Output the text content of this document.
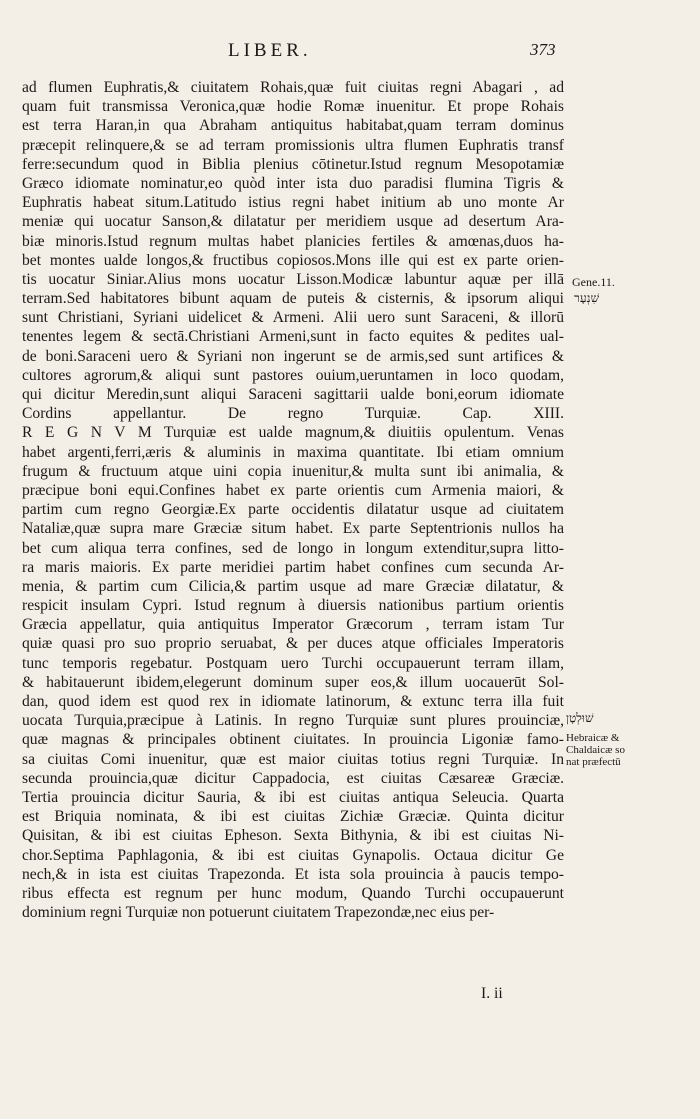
LIBER.	373
ad flumen Euphratis,& ciuitatem Rohais,quæ fuit ciuitas regni Abagari , ad
quam fuit transmissa Veronica,quæ hodie Romæ inuenitur. Et prope Rohais
est terra Haran,in qua Abraham antiquitus habitabat,quam terram dominus
præcepit relinquere,& se ad terram promissionis ultra flumen Euphratis transf
ferre:secundum quod in Biblia plenius cōtinetur.Istud regnum Mesopotamiæ
Græco idiomate nominatur,eo quòd inter ista duo paradisi flumina Tigris &
Euphratis habeat situm.Latitudo istius regni habet initium ab uno monte Ar
meniæ qui uocatur Sanson,& dilatatur per meridiem usque ad desertum Ara-
biæ minoris.Istud regnum multas habet planicies fertiles & amœnas,duos ha-
bet montes ualde longos,& fructibus copiosos.Mons ille qui est ex parte orien-
tis uocatur Siniar.Alius mons uocatur Lisson.Modicæ labuntur aquæ per illā
terram.Sed habitatores bibunt aquam de puteis & cisternis, & ipsorum aliqui
sunt Christiani, Syriani uidelicet & Armeni. Alii uero sunt Saraceni, & illorū
tenentes legem & sectā.Christiani Armeni,sunt in facto equites & pedites ual-
de boni.Saraceni uero & Syriani non ingerunt se de armis,sed sunt artifices &
cultores agrorum,& aliqui sunt pastores ouium,ueruntamen in loco quodam,
qui dicitur Meredin,sunt aliqui Saraceni sagittarii ualde boni,eorum idiomate
Cordins appellantur. De regno Turquiæ. Cap. XIII.
R E G N V M Turquiæ est ualde magnum,& diuitiis opulentum. Venas
habet argenti,ferri,æris & aluminis in maxima quantitate. Ibi etiam omnium
frugum & fructuum atque uini copia inuenitur,& multa sunt ibi animalia, &
præcipue boni equi.Confines habet ex parte orientis cum Armenia maiori, &
partim cum regno Georgiæ.Ex parte occidentis dilatatur usque ad ciuitatem
Nataliæ,quæ supra mare Græciæ situm habet. Ex parte Septentrionis nullos ha
bet cum aliqua terra confines, sed de longo in longum extenditur,supra litto-
ra maris maioris. Ex parte meridiei partim habet confines cum secunda Ar-
menia, & partim cum Cilicia,& partim usque ad mare Græciæ dilatatur, &
respicit insulam Cypri. Istud regnum à diuersis nationibus partium orientis
Græcia appellatur, quia antiquitus Imperator Græcorum , terram istam Tur
quiæ quasi pro suo proprio seruabat, & per duces atque officiales Imperatoris
tunc temporis regebatur. Postquam uero Turchi occupauerunt terram illam,
& habitauerunt ibidem,elegerunt dominum super eos,& illum uocauerūt Sol-
dan, quod idem est quod rex in idiomate latinorum, & extunc terra illa fuit
uocata Turquia,præcipue à Latinis. In regno Turquiæ sunt plures prouinciæ,
quæ magnas & principales obtinent ciuitates. In prouincia Ligoniæ famo-
sa ciuitas Comi inuenitur, quæ est maior ciuitas totius regni Turquiæ. In
secunda prouincia,quæ dicitur Cappadocia, est ciuitas Cæsareæ Græciæ.
Tertia prouincia dicitur Sauria, & ibi est ciuitas antiqua Seleucia. Quarta
est Briquia nominata, & ibi est ciuitas Zichiæ Græciæ. Quinta dicitur
Quisitan, & ibi est ciuitas Epheson. Sexta Bithynia, & ibi est ciuitas Ni-
chor.Septima Paphlagonia, & ibi est ciuitas Gynapolis. Octaua dicitur Ge
nech,& in ista est ciuitas Trapezonda. Et ista sola prouincia à paucis tempo-
ribus effecta est regnum per hunc modum, Quando Turchi occupauerunt
dominium regni Turquiæ non potuerunt ciuitatem Trapezondæ,nec eius per-
Gene.11.
שִׁנְעָר
שׁוּלְטָן
Hebraicæ &
Chaldaicæ so
nat præfectū
I. ii
